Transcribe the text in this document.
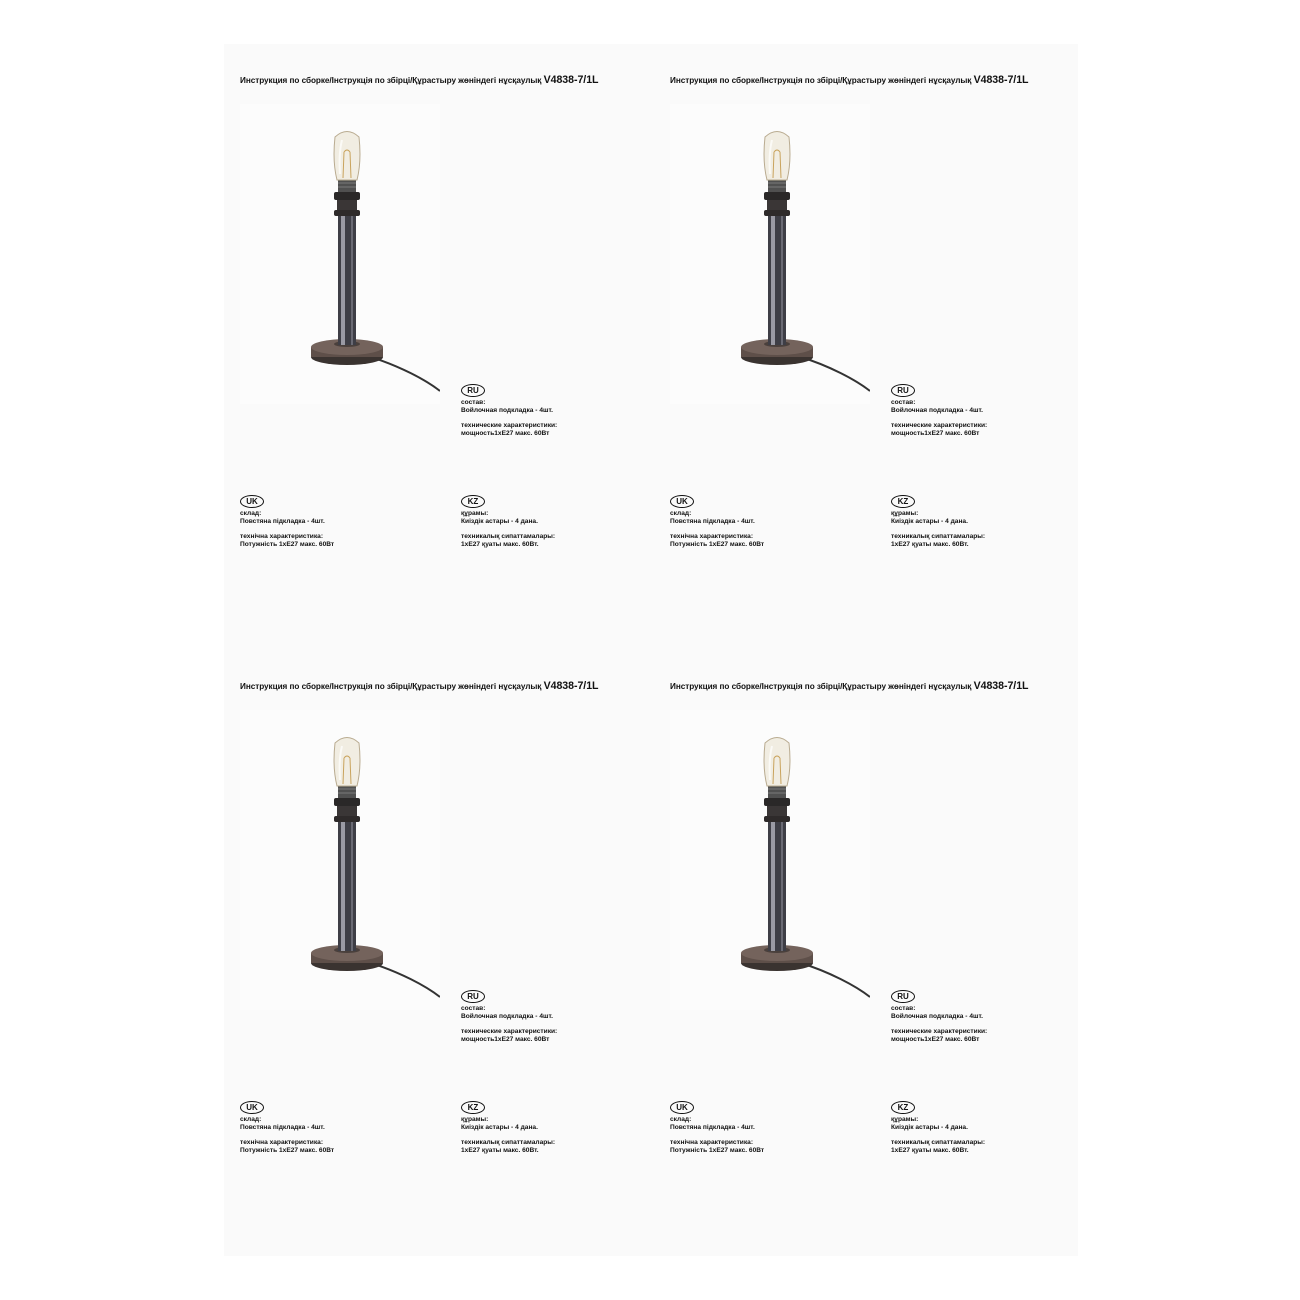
Инструкция по сборке/Інструкція по збірці/Құрастыру жөніндегі нұсқаулық V4838-7/1L
RU
состав:
Войлочная подкладка - 4шт.
технические характеристики:
мощность1хE27 макс. 60Вт
UK
склад:
Повстяна підкладка - 4шт.
технічна характеристика:
Потужність 1хE27 макс. 60Вт
KZ
құрамы:
Киіздік астары - 4 дана.
техникалық сипаттамалары:
1хE27 қуаты макс. 60Вт.
Инструкция по сборке/Інструкція по збірці/Құрастыру жөніндегі нұсқаулық V4838-7/1L
RU
состав:
Войлочная подкладка - 4шт.
технические характеристики:
мощность1хE27 макс. 60Вт
UK
склад:
Повстяна підкладка - 4шт.
технічна характеристика:
Потужність 1хE27 макс. 60Вт
KZ
құрамы:
Киіздік астары - 4 дана.
техникалық сипаттамалары:
1хE27 қуаты макс. 60Вт.
Инструкция по сборке/Інструкція по збірці/Құрастыру жөніндегі нұсқаулық V4838-7/1L
RU
состав:
Войлочная подкладка - 4шт.
технические характеристики:
мощность1хE27 макс. 60Вт
UK
склад:
Повстяна підкладка - 4шт.
технічна характеристика:
Потужність 1хE27 макс. 60Вт
KZ
құрамы:
Киіздік астары - 4 дана.
техникалық сипаттамалары:
1хE27 қуаты макс. 60Вт.
Инструкция по сборке/Інструкція по збірці/Құрастыру жөніндегі нұсқаулық V4838-7/1L
RU
состав:
Войлочная подкладка - 4шт.
технические характеристики:
мощность1хE27 макс. 60Вт
UK
склад:
Повстяна підкладка - 4шт.
технічна характеристика:
Потужність 1хE27 макс. 60Вт
KZ
құрамы:
Киіздік астары - 4 дана.
техникалық сипаттамалары:
1хE27 қуаты макс. 60Вт.
